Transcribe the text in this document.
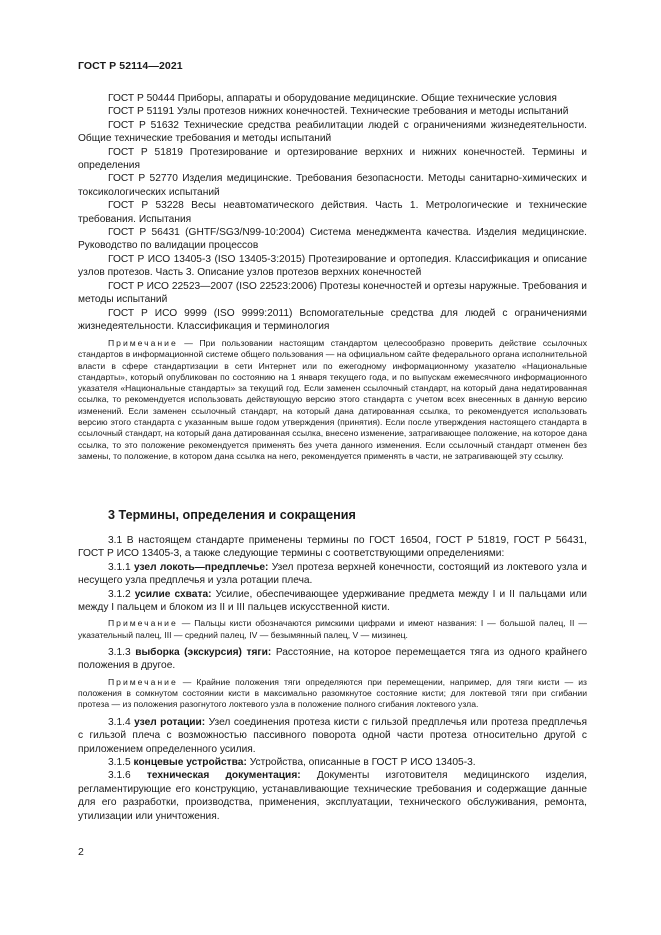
ГОСТ Р 52114—2021

ГОСТ Р 50444 Приборы, аппараты и оборудование медицинские. Общие технические условия

ГОСТ Р 51191 Узлы протезов нижних конечностей. Технические требования и методы испытаний

ГОСТ Р 51632 Технические средства реабилитации людей с ограничениями жизнедеятельности. Общие технические требования и методы испытаний

ГОСТ Р 51819 Протезирование и ортезирование верхних и нижних конечностей. Термины и определения

ГОСТ Р 52770 Изделия медицинские. Требования безопасности. Методы санитарно-химических и токсикологических испытаний

ГОСТ Р 53228 Весы неавтоматического действия. Часть 1. Метрологические и технические требования. Испытания

ГОСТ Р 56431 (GHTF/SG3/N99-10:2004) Система менеджмента качества. Изделия медицинские. Руководство по валидации процессов

ГОСТ Р ИСО 13405-3 (ISO 13405-3:2015) Протезирование и ортопедия. Классификация и описание узлов протезов. Часть 3. Описание узлов протезов верхних конечностей

ГОСТ Р ИСО 22523—2007 (ISO 22523:2006) Протезы конечностей и ортезы наружные. Требования и методы испытаний

ГОСТ Р ИСО 9999 (ISO 9999:2011) Вспомогательные средства для людей с ограничениями жизнедеятельности. Классификация и терминология

Примечание — При пользовании настоящим стандартом целесообразно проверить действие ссылочных стандартов в информационной системе общего пользования — на официальном сайте федерального органа исполнительной власти в сфере стандартизации в сети Интернет или по ежегодному информационному указателю «Национальные стандарты», который опубликован по состоянию на 1 января текущего года, и по выпускам ежемесячного информационного указателя «Национальные стандарты» за текущий год. Если заменен ссылочный стандарт, на который дана недатированная ссылка, то рекомендуется использовать действующую версию этого стандарта с учетом всех внесенных в данную версию изменений. Если заменен ссылочный стандарт, на который дана датированная ссылка, то рекомендуется использовать версию этого стандарта с указанным выше годом утверждения (принятия). Если после утверждения настоящего стандарта в ссылочный стандарт, на который дана датированная ссылка, внесено изменение, затрагивающее положение, на которое дана ссылка, то это положение рекомендуется применять без учета данного изменения. Если ссылочный стандарт отменен без замены, то положение, в котором дана ссылка на него, рекомендуется применять в части, не затрагивающей эту ссылку.

3 Термины, определения и сокращения

3.1 В настоящем стандарте применены термины по ГОСТ 16504, ГОСТ Р 51819, ГОСТ Р 56431, ГОСТ Р ИСО 13405-3, а также следующие термины с соответствующими определениями:

3.1.1 узел локоть—предплечье: Узел протеза верхней конечности, состоящий из локтевого узла и несущего узла предплечья и узла ротации плеча.

3.1.2 усилие схвата: Усилие, обеспечивающее удерживание предмета между I и II пальцами или между I пальцем и блоком из II и III пальцев искусственной кисти.

Примечание — Пальцы кисти обозначаются римскими цифрами и имеют названия: I — большой палец, II — указательный палец, III — средний палец, IV — безымянный палец, V — мизинец.

3.1.3 выборка (экскурсия) тяги: Расстояние, на которое перемещается тяга из одного крайнего положения в другое.

Примечание — Крайние положения тяги определяются при перемещении, например, для тяги кисти — из положения в сомкнутом состоянии кисти в максимально разомкнутое состояние кисти; для локтевой тяги при сгибании протеза — из положения разогнутого локтевого узла в положение полного сгибания локтевого узла.

3.1.4 узел ротации: Узел соединения протеза кисти с гильзой предплечья или протеза предплечья с гильзой плеча с возможностью пассивного поворота одной части протеза относительно другой с приложением определенного усилия.

3.1.5 концевые устройства: Устройства, описанные в ГОСТ Р ИСО 13405-3.

3.1.6 техническая документация: Документы изготовителя медицинского изделия, регламентирующие его конструкцию, устанавливающие технические требования и содержащие данные для его разработки, производства, применения, эксплуатации, технического обслуживания, ремонта, утилизации или уничтожения.

2
